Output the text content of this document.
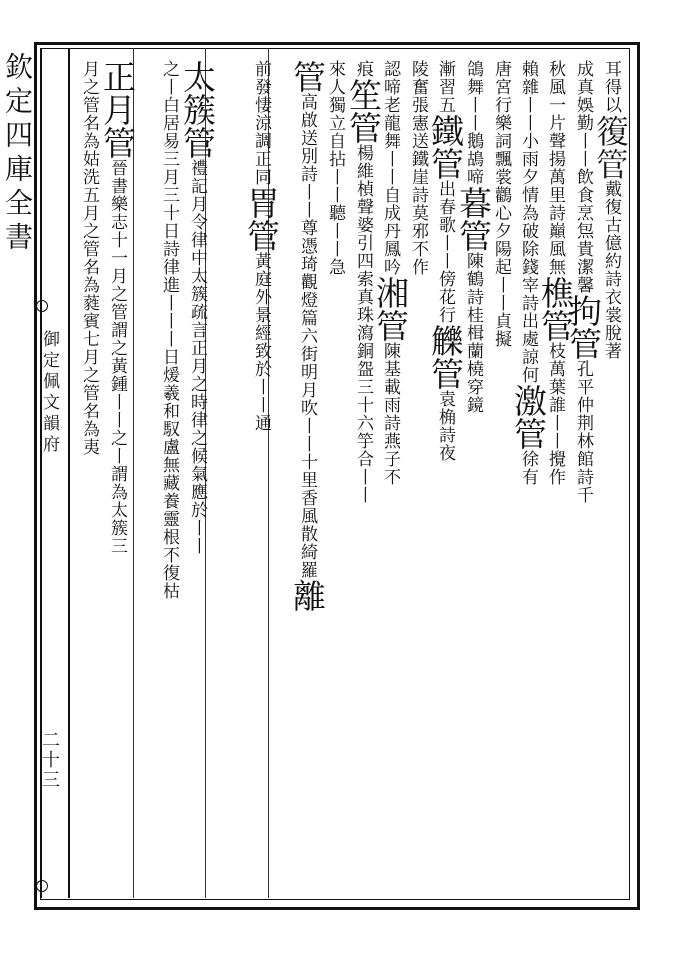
欽定四庫全書
御定佩文韻府
二十三
耳得以𥳇管戴復古億約詩衣裳脫著
成真娛勤丨丨飲食烹炰貴潔馨拘管孔平仲荆林館詩千
秋風一片聲揚萬里詩巔風無樵管枝萬葉誰丨丨攪作
賴雜丨丨小雨夕情為破除錢宰詩出處諒何激管徐有
唐宮行樂詞飄裳鸛心夕陽起丨丨貞擬
鴿舞丨丨鵝鴣啼暮管陳鶴詩桂楫蘭橈穿鏡
漸習五鐵管出春歌丨丨傍花行觻管袁桷詩夜
陵奮張憲送鐵崖詩莫邪不作
認啼老龍舞丨丨自成丹鳳吟湘管陳基載雨詩燕子不
痕笙管楊維楨聲婆引四索真珠瀉銅盌三十六竽合丨丨
來人獨立自拈丨丨聽丨丨急
管高啟送別詩丨丨尊憑琦觀燈篇六街明月吹丨丨十里香風散綺羅離
前發悽涼調正同胃管黃庭外景經致於丨丨通
太簇管禮記月令律中太簇疏言正月之時律之候氣應於丨丨
之丨白居易三月三十日詩律進丨丨丨日煖羲和馭盧無藏養靈根不復枯
正月管晉書樂志十一月之管謂之黃鍾丨丨之丨謂為太簇三
月之管名為姑洗五月之管名為蕤賓七月之管名為夷
